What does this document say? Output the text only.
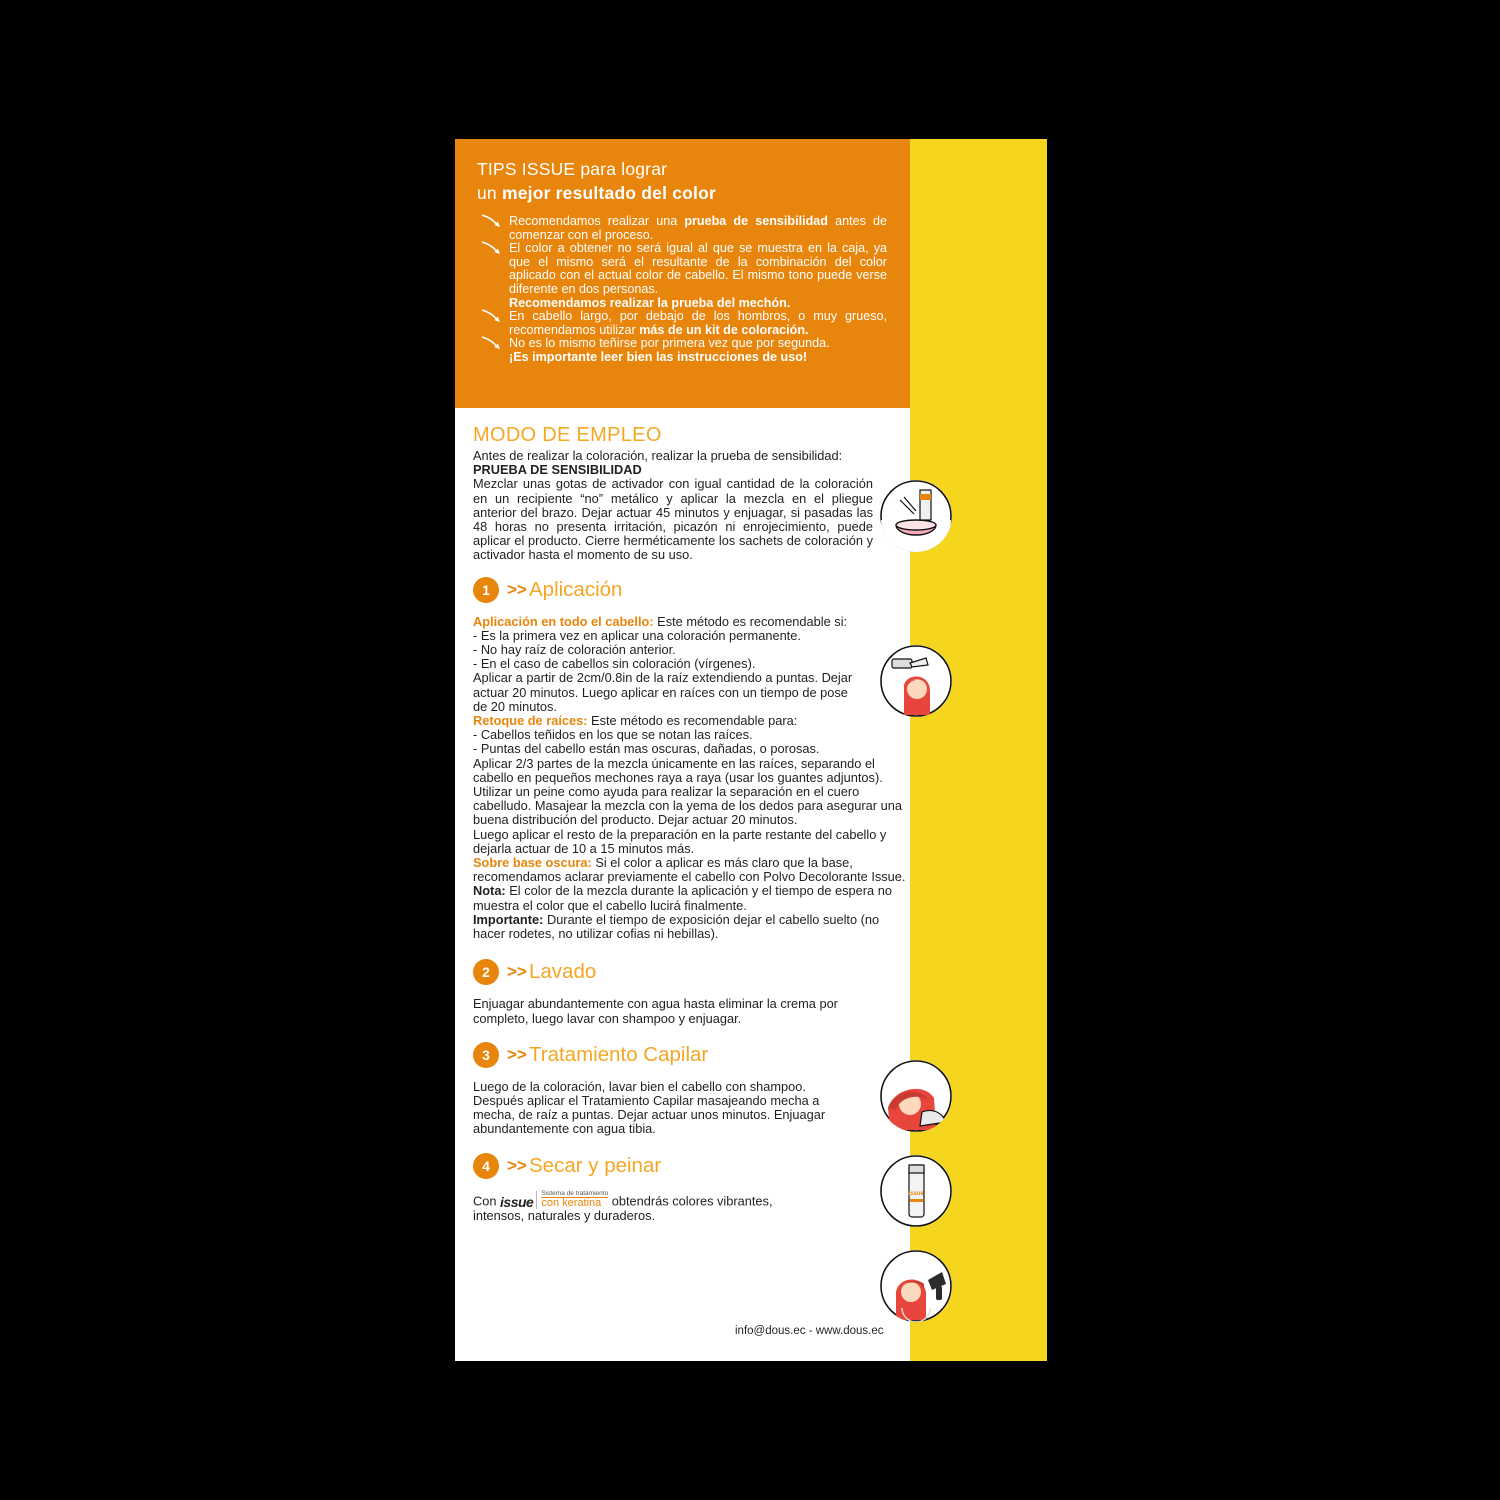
TIPS ISSUE para lograr
un mejor resultado del color
Recomendamos realizar una prueba de sensibilidad antes de comenzar con el proceso.
El color a obtener no será igual al que se muestra en la caja, ya que el mismo será el resultante de la combinación del color aplicado con el actual color de cabello. El mismo tono puede verse diferente en dos personas.
Recomendamos realizar la prueba del mechón.
En cabello largo, por debajo de los hombros, o muy grueso, recomendamos utilizar más de un kit de coloración.
No es lo mismo teñirse por primera vez que por segunda.
¡Es importante leer bien las instrucciones de uso!
MODO DE EMPLEO

Antes de realizar la coloración, realizar la prueba de sensibilidad:

PRUEBA DE SENSIBILIDAD

Mezclar unas gotas de activador con igual cantidad de la coloración en un recipiente “no” metálico y aplicar la mezcla en el pliegue anterior del brazo. Dejar actuar 45 minutos y enjuagar, si pasadas las 48 horas no presenta irritación, picazón ni enrojecimiento, puede aplicar el producto. Cierre herméticamente los sachets de coloración y activador hasta el momento de su uso.

1	>> Aplicación

Aplicación en todo el cabello: Este método es recomendable si:

- Es la primera vez en aplicar una coloración permanente.

- No hay raíz de coloración anterior.

- En el caso de cabellos sin coloración (vírgenes).

Aplicar a partir de 2cm/0.8in de la raíz extendiendo a puntas. Dejar actuar 20 minutos. Luego aplicar en raíces con un tiempo de pose de 20 minutos.

Retoque de raíces: Este método es recomendable para:

- Cabellos teñidos en los que se notan las raíces.

- Puntas del cabello están mas oscuras, dañadas, o porosas.

Aplicar 2/3 partes de la mezcla únicamente en las raíces, separando el cabello en pequeños mechones raya a raya (usar los guantes adjuntos). Utilizar un peine como ayuda para realizar la separación en el cuero cabelludo. Masajear la mezcla con la yema de los dedos para asegurar una buena distribución del producto. Dejar actuar 20 minutos.

Luego aplicar el resto de la preparación en la parte restante del cabello y dejarla actuar de 10 a 15 minutos más.

Sobre base oscura: Si el color a aplicar es más claro que la base, recomendamos aclarar previamente el cabello con Polvo Decolorante Issue.

Nota: El color de la mezcla durante la aplicación y el tiempo de espera no muestra el color que el cabello lucirá finalmente.

Importante: Durante el tiempo de exposición dejar el cabello suelto (no hacer rodetes, no utilizar cofias ni hebillas).

2	>> Lavado

Enjuagar abundantemente con agua hasta eliminar la crema por completo, luego lavar con shampoo y enjuagar.

3	>> Tratamiento Capilar

Luego de la coloración, lavar bien el cabello con shampoo. Después aplicar el Tratamiento Capilar masajeando mecha a mecha, de raíz a puntas. Dejar actuar unos minutos. Enjuagar abundantemente con agua tibia.

4	>> Secar y peinar

Con issue
Sistema de tratamiento
con keratina obtendrás colores vibrantes, intensos, naturales y duraderos.

issue
info@dous.ec - www.dous.ec
